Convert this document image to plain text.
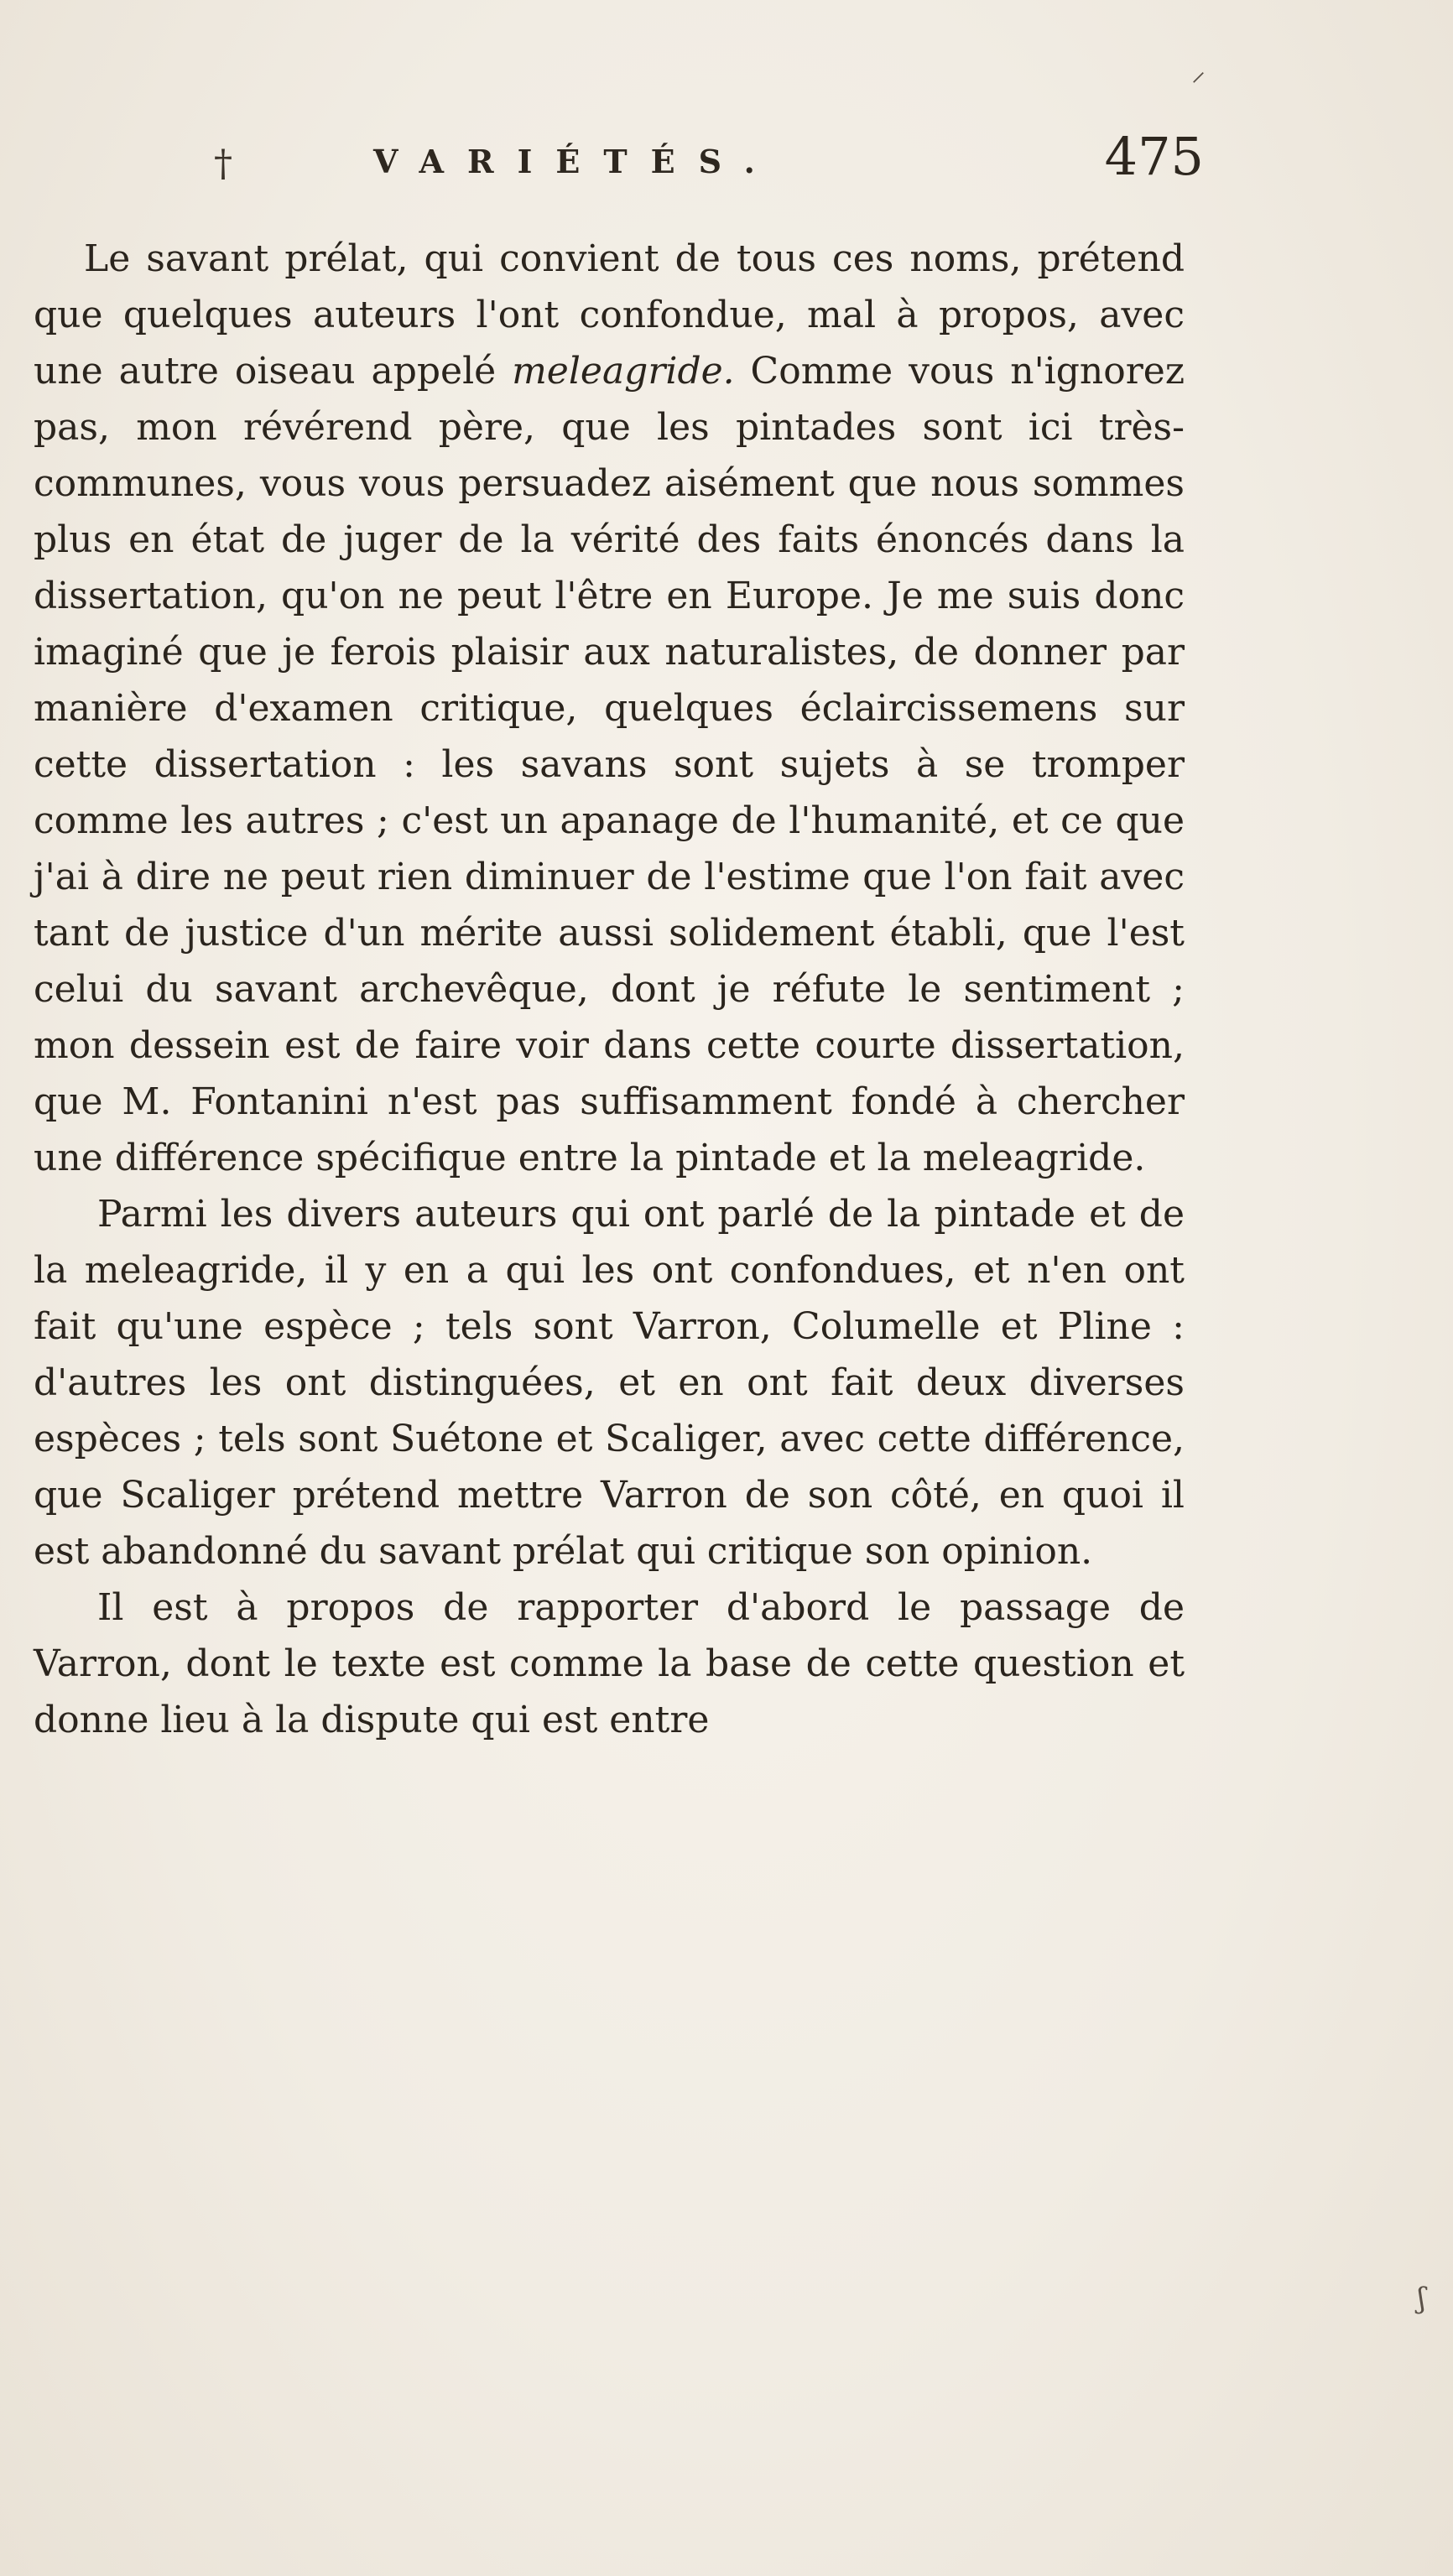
†	VARIÉTÉS.	475

Le savant prélat, qui convient de tous ces noms, prétend que quelques auteurs l'ont confondue, mal à propos, avec une autre oiseau appelé meleagride. Comme vous n'ignorez pas, mon révérend père, que les pintades sont ici très-communes, vous vous persuadez aisément que nous sommes plus en état de juger de la vérité des faits énoncés dans la dissertation, qu'on ne peut l'être en Europe. Je me suis donc imaginé que je ferois plaisir aux naturalistes, de donner par manière d'examen critique, quelques éclaircissemens sur cette dissertation : les savans sont sujets à se tromper comme les autres ; c'est un apanage de l'humanité, et ce que j'ai à dire ne peut rien diminuer de l'estime que l'on fait avec tant de justice d'un mérite aussi solidement établi, que l'est celui du savant archevêque, dont je réfute le sentiment ; mon dessein est de faire voir dans cette courte dissertation, que M. Fontanini n'est pas suffisamment fondé à chercher une différence spécifique entre la pintade et la meleagride.

Parmi les divers auteurs qui ont parlé de la pintade et de la meleagride, il y en a qui les ont confondues, et n'en ont fait qu'une espèce ; tels sont Varron, Columelle et Pline : d'autres les ont distinguées, et en ont fait deux diverses espèces ; tels sont Suétone et Scaliger, avec cette différence, que Scaliger prétend mettre Varron de son côté, en quoi il est abandonné du savant prélat qui critique son opinion.

Il est à propos de rapporter d'abord le passage de Varron, dont le texte est comme la base de cette question et donne lieu à la dispute qui est entre

⸝
ʃ
